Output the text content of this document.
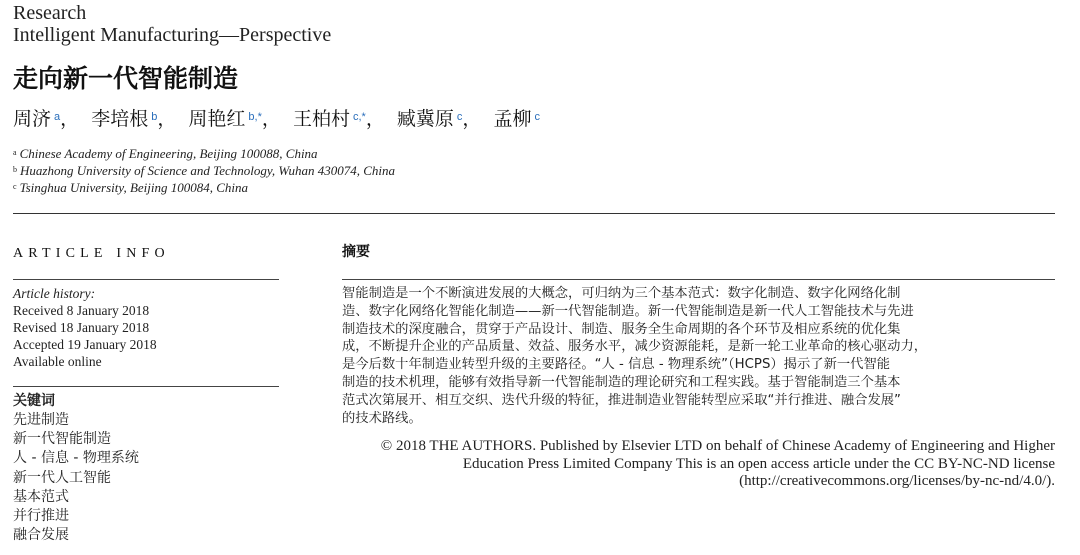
Research
Intelligent Manufacturing—Perspective
走向新一代智能制造
周济 $^a$， 李培根 $^b$， 周艳红 $^{b,*}$， 王柏村 $^{c,*}$， 臧冀原 $^c$， 孟柳 $^c$
$^a$ Chinese Academy of Engineering, Beijing 100088, China
$^b$ Huazhong University of Science and Technology, Wuhan 430074, China
$^c$ Tsinghua University, Beijing 100084, China
ARTICLE INFO
Article history:
Received 8 January 2018
Revised 18 January 2018
Accepted 19 January 2018
Available online
关键词
先进制造
新一代智能制造
人 - 信息 - 物理系统
新一代人工智能
基本范式
并行推进
融合发展
摘要
智能制造是一个不断演进发展的大概念，可归纳为三个基本范式：数字化制造、数字化网络化制
造、数字化网络化智能化制造——新一代智能制造。新一代智能制造是新一代人工智能技术与先进
制造技术的深度融合，贯穿于产品设计、制造、服务全生命周期的各个环节及相应系统的优化集
成，不断提升企业的产品质量、效益、服务水平，减少资源能耗，是新一轮工业革命的核心驱动力，
是今后数十年制造业转型升级的主要路径。“人 - 信息 - 物理系统”（HCPS）揭示了新一代智能
制造的技术机理，能够有效指导新一代智能制造的理论研究和工程实践。基于智能制造三个基本
范式次第展开、相互交织、迭代升级的特征，推进制造业智能转型应采取“并行推进、融合发展”
的技术路线。
© 2018 THE AUTHORS. Published by Elsevier LTD on behalf of Chinese Academy of Engineering and Higher
Education Press Limited Company This is an open access article under the CC BY-NC-ND license
(http://creativecommons.org/licenses/by-nc-nd/4.0/).
